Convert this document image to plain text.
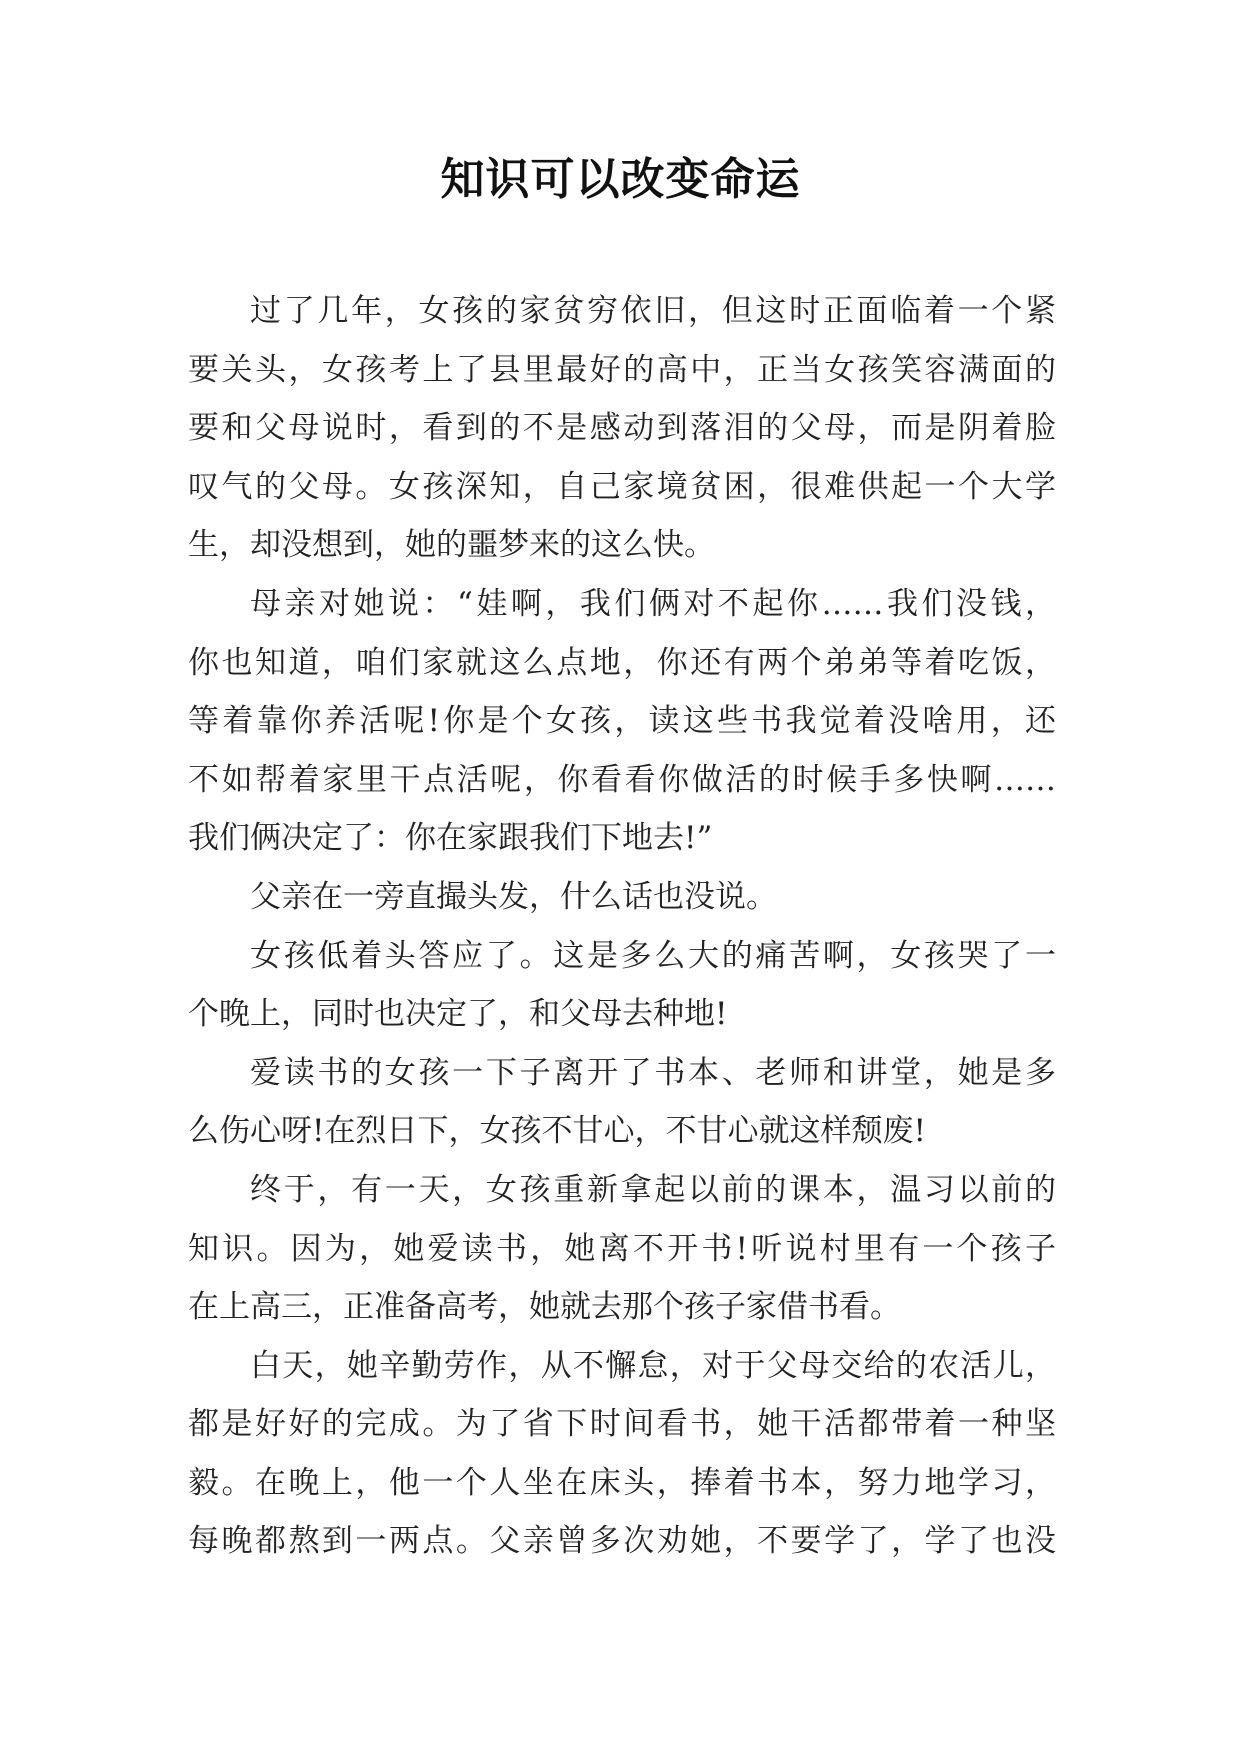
知识可以改变命运
过了几年，女孩的家贫穷依旧，但这时正面临着一个紧
要关头，女孩考上了县里最好的高中，正当女孩笑容满面的
要和父母说时，看到的不是感动到落泪的父母，而是阴着脸
叹气的父母。女孩深知，自己家境贫困，很难供起一个大学
生，却没想到，她的噩梦来的这么快。
母亲对她说：“娃啊，我们俩对不起你……我们没钱，
你也知道，咱们家就这么点地，你还有两个弟弟等着吃饭，
等着靠你养活呢!你是个女孩，读这些书我觉着没啥用，还
不如帮着家里干点活呢，你看看你做活的时候手多快啊……
我们俩决定了：你在家跟我们下地去!”
父亲在一旁直撮头发，什么话也没说。
女孩低着头答应了。这是多么大的痛苦啊，女孩哭了一
个晚上，同时也决定了，和父母去种地!
爱读书的女孩一下子离开了书本、老师和讲堂，她是多
么伤心呀!在烈日下，女孩不甘心，不甘心就这样颓废!
终于，有一天，女孩重新拿起以前的课本，温习以前的
知识。因为，她爱读书，她离不开书!听说村里有一个孩子
在上高三，正准备高考，她就去那个孩子家借书看。
白天，她辛勤劳作，从不懈怠，对于父母交给的农活儿，
都是好好的完成。为了省下时间看书，她干活都带着一种坚
毅。在晚上，他一个人坐在床头，捧着书本，努力地学习，
每晚都熬到一两点。父亲曾多次劝她，不要学了，学了也没
